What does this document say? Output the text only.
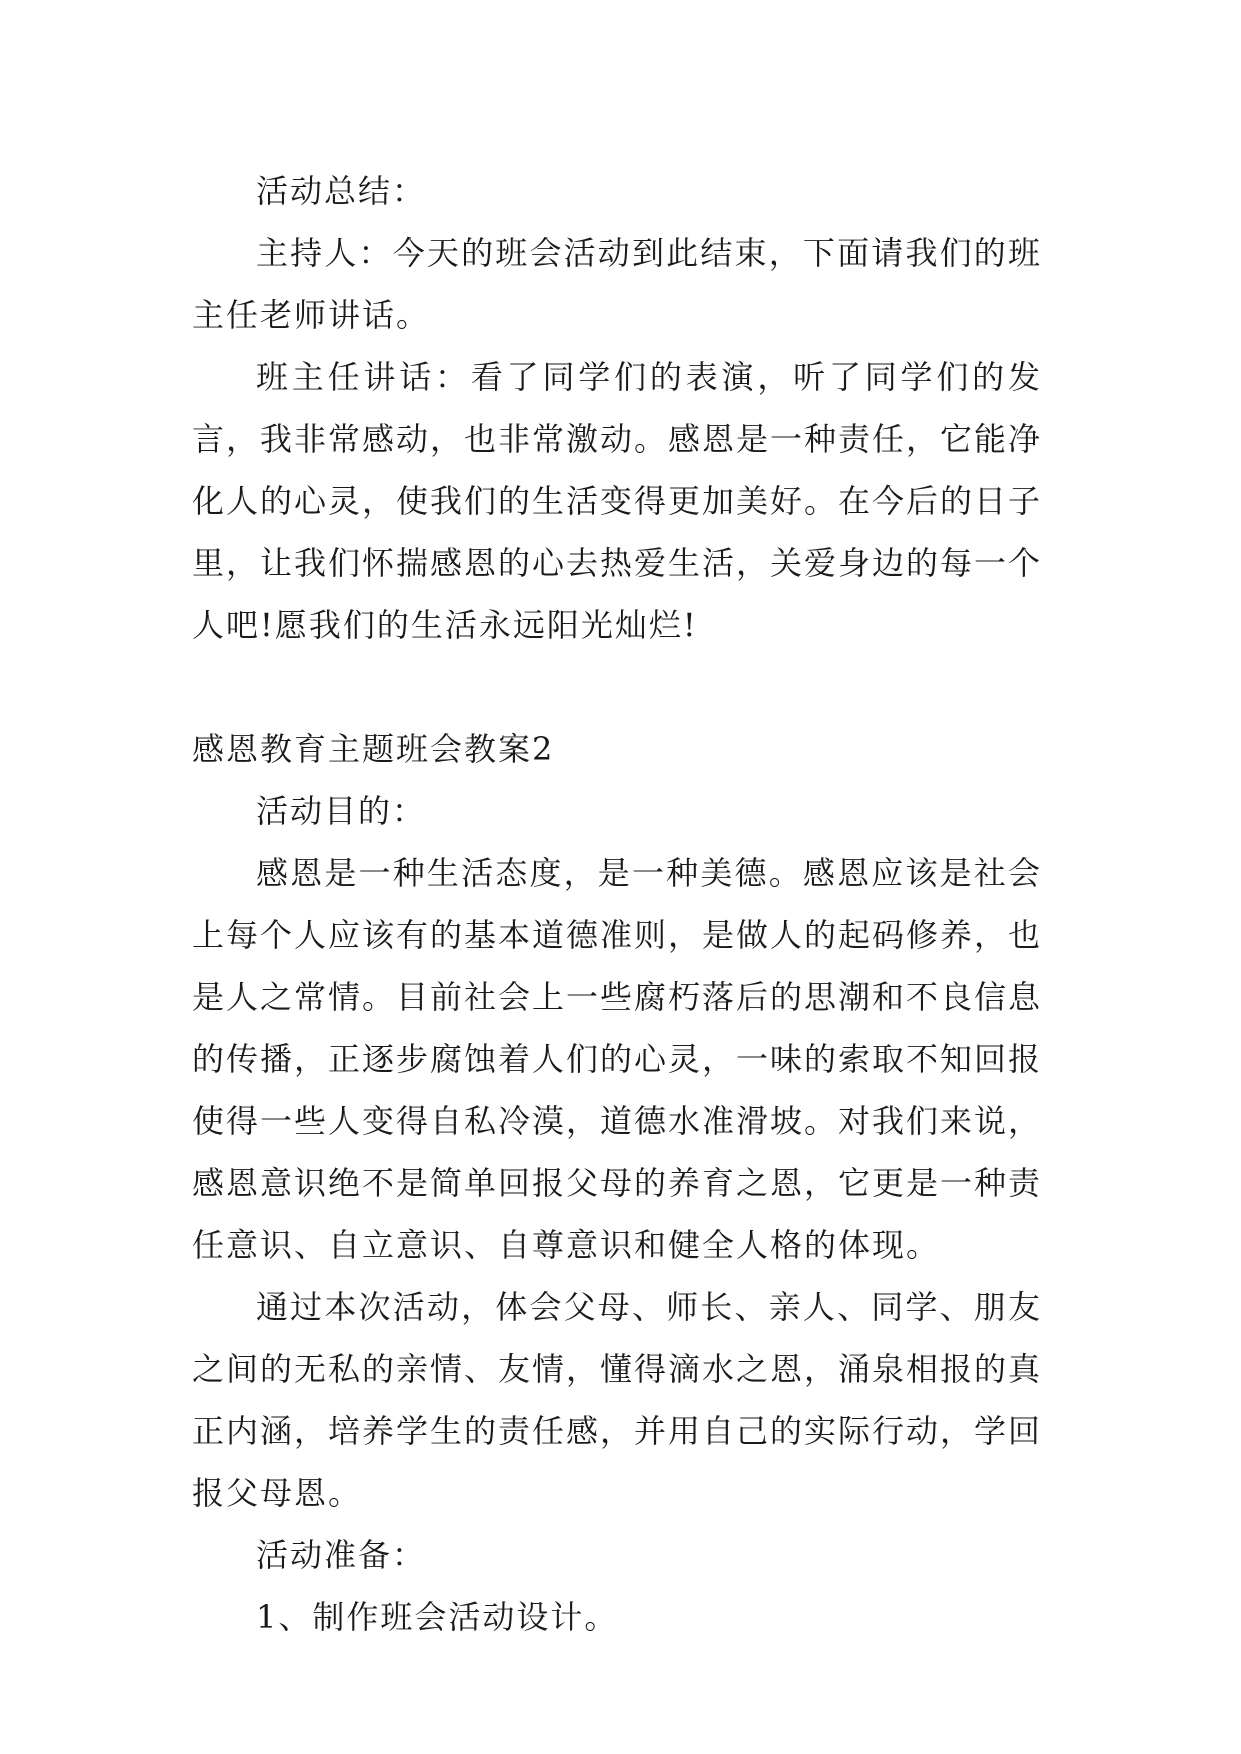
活动总结：

主持人：今天的班会活动到此结束，下面请我们的班主任老师讲话。

班主任讲话：看了同学们的表演，听了同学们的发言，我非常感动，也非常激动。感恩是一种责任，它能净化人的心灵，使我们的生活变得更加美好。在今后的日子里，让我们怀揣感恩的心去热爱生活，关爱身边的每一个人吧!愿我们的生活永远阳光灿烂!

感恩教育主题班会教案2

活动目的：

感恩是一种生活态度，是一种美德。感恩应该是社会上每个人应该有的基本道德准则，是做人的起码修养，也是人之常情。目前社会上一些腐朽落后的思潮和不良信息的传播，正逐步腐蚀着人们的心灵，一味的索取不知回报使得一些人变得自私冷漠，道德水准滑坡。对我们来说，感恩意识绝不是简单回报父母的养育之恩，它更是一种责任意识、自立意识、自尊意识和健全人格的体现。

通过本次活动，体会父母、师长、亲人、同学、朋友之间的无私的亲情、友情，懂得滴水之恩，涌泉相报的真正内涵，培养学生的责任感，并用自己的实际行动，学回报父母恩。

活动准备：

1、制作班会活动设计。
